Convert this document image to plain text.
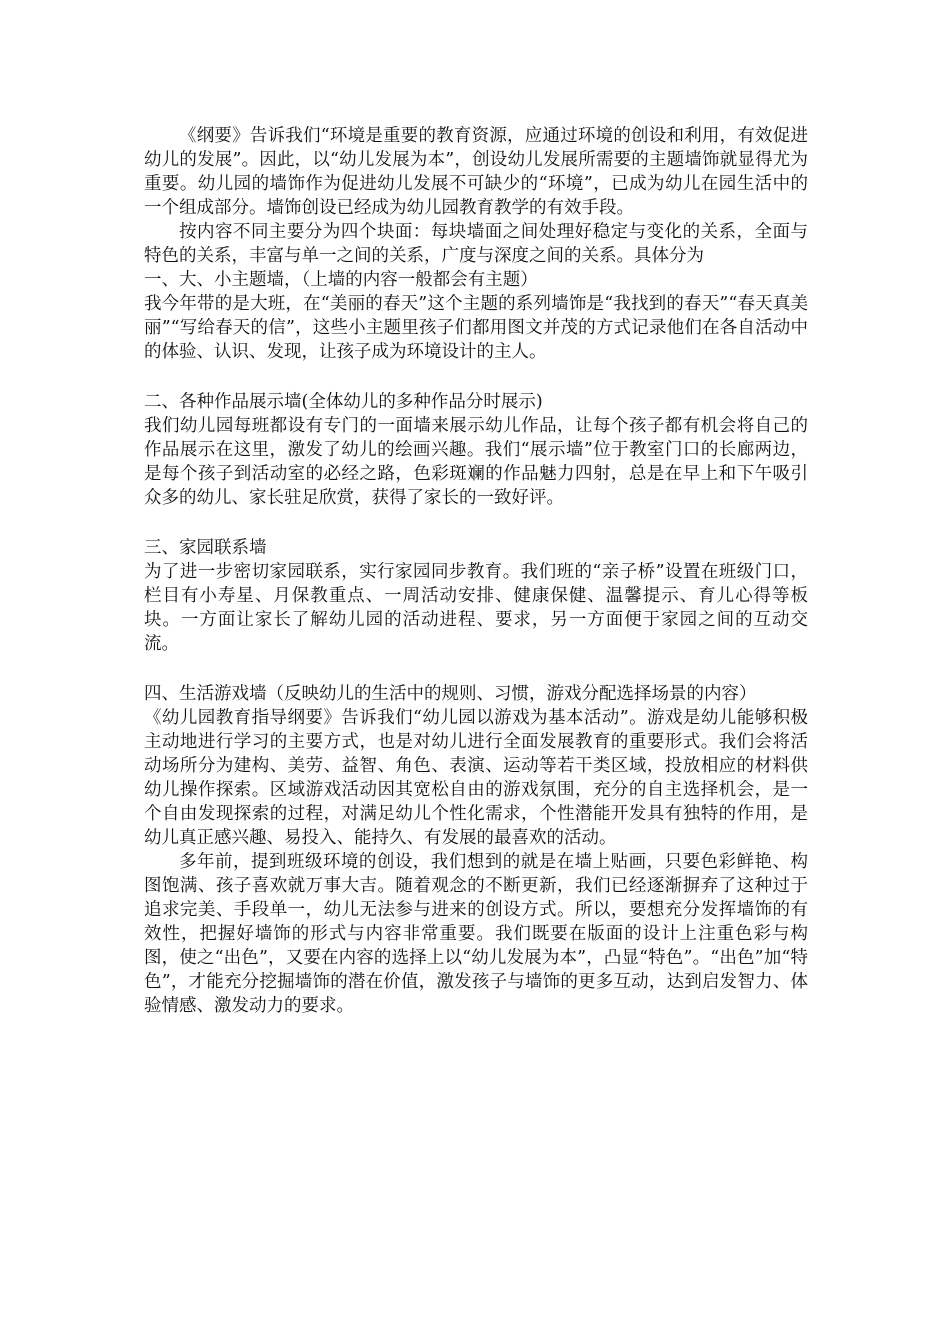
《纲要》告诉我们“环境是重要的教育资源，应通过环境的创设和利用，有效促进幼儿的发展”。因此，以“幼儿发展为本”，创设幼儿发展所需要的主题墙饰就显得尤为重要。幼儿园的墙饰作为促进幼儿发展不可缺少的“环境”，已成为幼儿在园生活中的一个组成部分。墙饰创设已经成为幼儿园教育教学的有效手段。

按内容不同主要分为四个块面：每块墙面之间处理好稳定与变化的关系，全面与特色的关系，丰富与单一之间的关系，广度与深度之间的关系。具体分为

一、大、小主题墙，（上墙的内容一般都会有主题）

我今年带的是大班，在“美丽的春天”这个主题的系列墙饰是“我找到的春天”“春天真美丽”“写给春天的信”，这些小主题里孩子们都用图文并茂的方式记录他们在各自活动中的体验、认识、发现，让孩子成为环境设计的主人。

二、各种作品展示墙(全体幼儿的多种作品分时展示)

我们幼儿园每班都设有专门的一面墙来展示幼儿作品，让每个孩子都有机会将自己的作品展示在这里，激发了幼儿的绘画兴趣。我们“展示墙”位于教室门口的长廊两边，是每个孩子到活动室的必经之路，色彩斑斓的作品魅力四射，总是在早上和下午吸引众多的幼儿、家长驻足欣赏，获得了家长的一致好评。

三、家园联系墙

为了进一步密切家园联系，实行家园同步教育。我们班的“亲子桥”设置在班级门口，栏目有小寿星、月保教重点、一周活动安排、健康保健、温馨提示、育儿心得等板块。一方面让家长了解幼儿园的活动进程、要求，另一方面便于家园之间的互动交流。

四、生活游戏墙（反映幼儿的生活中的规则、习惯，游戏分配选择场景的内容）

《幼儿园教育指导纲要》告诉我们“幼儿园以游戏为基本活动”。游戏是幼儿能够积极主动地进行学习的主要方式，也是对幼儿进行全面发展教育的重要形式。我们会将活动场所分为建构、美劳、益智、角色、表演、运动等若干类区域，投放相应的材料供幼儿操作探索。区域游戏活动因其宽松自由的游戏氛围，充分的自主选择机会，是一个自由发现探索的过程，对满足幼儿个性化需求，个性潜能开发具有独特的作用，是幼儿真正感兴趣、易投入、能持久、有发展的最喜欢的活动。

多年前，提到班级环境的创设，我们想到的就是在墙上贴画，只要色彩鲜艳、构图饱满、孩子喜欢就万事大吉。随着观念的不断更新，我们已经逐渐摒弃了这种过于追求完美、手段单一，幼儿无法参与进来的创设方式。所以，要想充分发挥墙饰的有效性，把握好墙饰的形式与内容非常重要。我们既要在版面的设计上注重色彩与构图，使之“出色”，又要在内容的选择上以“幼儿发展为本”，凸显“特色”。“出色”加“特色”，才能充分挖掘墙饰的潜在价值，激发孩子与墙饰的更多互动，达到启发智力、体验情感、激发动力的要求。
